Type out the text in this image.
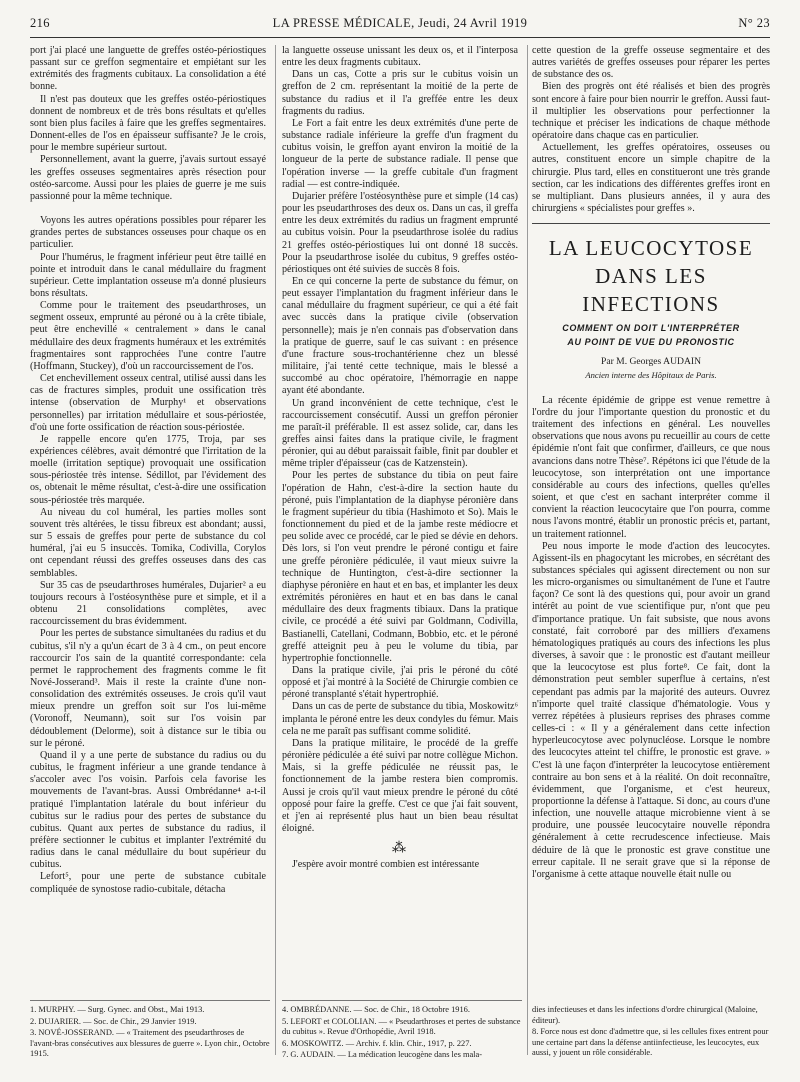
216	LA PRESSE MÉDICALE, Jeudi, 24 Avril 1919	N° 23

port j'ai placé une languette de greffes ostéo-périostiques passant sur ce greffon segmentaire et empiétant sur les extrémités des fragments cubitaux. La consolidation a été bonne.

Il n'est pas douteux que les greffes ostéo-périostiques donnent de nombreux et de très bons résultats et qu'elles sont bien plus faciles à faire que les greffes segmentaires. Donnent-elles de l'os en épaisseur suffisante? Je le crois, pour le membre supérieur surtout.

Personnellement, avant la guerre, j'avais surtout essayé les greffes osseuses segmentaires après résection pour ostéo-sarcome. Aussi pour les plaies de guerre je me suis passionné pour la même technique.

Voyons les autres opérations possibles pour réparer les grandes pertes de substances osseuses pour chaque os en particulier.

Pour l'humérus, le fragment inférieur peut être taillé en pointe et introduit dans le canal médullaire du fragment supérieur. Cette implantation osseuse m'a donné plusieurs bons résultats.

Comme pour le traitement des pseudarthroses, un segment osseux, emprunté au péroné ou à la crête tibiale, peut être enchevillé « centralement » dans le canal médullaire des deux fragments huméraux et les extrémités fragmentaires sont rapprochées l'une contre l'autre (Hoffmann, Stuckey), d'où un raccourcissement de l'os.

Cet enchevillement osseux central, utilisé aussi dans les cas de fractures simples, produit une ossification très intense (observation de Murphy¹ et observations personnelles) par irritation médullaire et sous-périostée, d'où une forte ossification de réaction sous-périostée.

Je rappelle encore qu'en 1775, Troja, par ses expériences célèbres, avait démontré que l'irritation de la moelle (irritation septique) provoquait une ossification sous-périostée très intense. Sédillot, par l'évidement des os, obtenait le même résultat, c'est-à-dire une ossification sous-périostée très marquée.

Au niveau du col huméral, les parties molles sont souvent très altérées, le tissu fibreux est abondant; aussi, sur 5 essais de greffes pour perte de substance du col huméral, j'ai eu 5 insuccès. Tomika, Codivilla, Corylos ont cependant réussi des greffes osseuses dans des cas semblables.

Sur 35 cas de pseudarthroses humérales, Dujarier² a eu toujours recours à l'ostéosynthèse pure et simple, et il a obtenu 21 consolidations complètes, avec raccourcissement du bras évidemment.

Pour les pertes de substance simultanées du radius et du cubitus, s'il n'y a qu'un écart de 3 à 4 cm., on peut encore raccourcir l'os sain de la quantité correspondante: cela permet le rapprochement des fragments comme le fit Nové-Josserand³. Mais il reste la crainte d'une non-consolidation des extrémités osseuses. Je crois qu'il vaut mieux prendre un greffon soit sur l'os lui-même (Voronoff, Neumann), soit sur l'os voisin par dédoublement (Delorme), soit à distance sur le tibia ou sur le péroné.

Quand il y a une perte de substance du radius ou du cubitus, le fragment inférieur a une grande tendance à s'accoler avec l'os voisin. Parfois cela favorise les mouvements de l'avant-bras. Aussi Ombrédanne⁴ a-t-il pratiqué l'implantation latérale du bout inférieur du cubitus sur le radius pour des pertes de substance du cubitus. Quant aux pertes de substance du radius, il préfère sectionner le cubitus et implanter l'extrémité du radius dans le canal médullaire du bout supérieur du cubitus.

Lefort⁵, pour une perte de substance cubitale compliquée de synostose radio-cubitale, détacha

la languette osseuse unissant les deux os, et il l'interposa entre les deux fragments cubitaux.

Dans un cas, Cotte a pris sur le cubitus voisin un greffon de 2 cm. représentant la moitié de la perte de substance du radius et il l'a greffée entre les deux fragments du radius.

Le Fort a fait entre les deux extrémités d'une perte de substance radiale inférieure la greffe d'un fragment du cubitus voisin, le greffon ayant environ la moitié de la longueur de la perte de substance radiale. Il pense que l'opération inverse — la greffe cubitale d'un fragment radial — est contre-indiquée.

Dujarier préfère l'ostéosynthèse pure et simple (14 cas) pour les pseudarthroses des deux os. Dans un cas, il greffa entre les deux extrémités du radius un fragment emprunté au cubitus voisin. Pour la pseudarthrose isolée du radius 21 greffes ostéo-périostiques lui ont donné 18 succès. Pour la pseudarthrose isolée du cubitus, 9 greffes ostéo-périostiques ont été suivies de succès 8 fois.

En ce qui concerne la perte de substance du fémur, on peut essayer l'implantation du fragment inférieur dans le canal médullaire du fragment supérieur, ce qui a été fait avec succès dans la pratique civile (observation personnelle); mais je n'en connais pas d'observation dans la pratique de guerre, sauf le cas suivant : en présence d'une fracture sous-trochantérienne chez un blessé militaire, j'ai tenté cette technique, mais le blessé a succombé au choc opératoire, l'hémorragie en nappe ayant été abondante.

Un grand inconvénient de cette technique, c'est le raccourcissement consécutif. Aussi un greffon péronier me paraît-il préférable. Il est assez solide, car, dans les greffes ainsi faites dans la pratique civile, le fragment péronier, qui au début paraissait faible, finit par doubler et même tripler d'épaisseur (cas de Katzenstein).

Pour les pertes de substance du tibia on peut faire l'opération de Hahn, c'est-à-dire la section haute du péroné, puis l'implantation de la diaphyse péronière dans le fragment supérieur du tibia (Hashimoto et So). Mais le fonctionnement du pied et de la jambe reste médiocre et peu solide avec ce procédé, car le pied se dévie en dehors. Dès lors, si l'on veut prendre le péroné contigu et faire une greffe péronière pédiculée, il vaut mieux suivre la technique de Huntington, c'est-à-dire sectionner la diaphyse péronière en haut et en bas, et implanter les deux extrémités péronières en haut et en bas dans le canal médullaire des deux fragments tibiaux. Dans la pratique civile, ce procédé a été suivi par Goldmann, Codivilla, Bastianelli, Catellani, Codmann, Bobbio, etc. et le péroné greffé atteignit peu à peu le volume du tibia, par hypertrophie fonctionnelle.

Dans la pratique civile, j'ai pris le péroné du côté opposé et j'ai montré à la Société de Chirurgie combien ce péroné transplanté s'était hypertrophié.

Dans un cas de perte de substance du tibia, Moskowitz⁶ implanta le péroné entre les deux condyles du fémur. Mais cela ne me paraît pas suffisant comme solidité.

Dans la pratique militaire, le procédé de la greffe péronière pédiculée a été suivi par notre collègue Michon. Mais, si la greffe pédiculée ne réussit pas, le fonctionnement de la jambe restera bien compromis. Aussi je crois qu'il vaut mieux prendre le péroné du côté opposé pour faire la greffe. C'est ce que j'ai fait souvent, et j'en ai représenté plus haut un bien beau résultat éloigné.

⁂

J'espère avoir montré combien est intéressante

cette question de la greffe osseuse segmentaire et des autres variétés de greffes osseuses pour réparer les pertes de substance des os.

Bien des progrès ont été réalisés et bien des progrès sont encore à faire pour bien nourrir le greffon. Aussi faut-il multiplier les observations pour perfectionner la technique et préciser les indications de chaque méthode opératoire dans chaque cas en particulier.

Actuellement, les greffes opératoires, osseuses ou autres, constituent encore un simple chapitre de la chirurgie. Plus tard, elles en constitueront une très grande section, car les indications des différentes greffes iront en se multipliant. Dans plusieurs années, il y aura des chirurgiens « spécialistes pour greffes ».

LA LEUCOCYTOSE
DANS LES INFECTIONS
COMMENT ON DOIT L'INTERPRÉTER
AU POINT DE VUE DU PRONOSTIC
Par M. Georges AUDAIN
Ancien interne des Hôpitaux de Paris.

La récente épidémie de grippe est venue remettre à l'ordre du jour l'importante question du pronostic et du traitement des infections en général. Les nouvelles observations que nous avons pu recueillir au cours de cette épidémie n'ont fait que confirmer, d'ailleurs, ce que nous avancions dans notre Thèse⁷. Répétons ici que l'étude de la leucocytose, son interprétation ont une importance considérable au cours des infections, quelles qu'elles soient, et que c'est en sachant interpréter comme il convient la réaction leucocytaire que l'on pourra, comme nous l'avons montré, établir un pronostic précis et, partant, un traitement rationnel.

Peu nous importe le mode d'action des leucocytes. Agissent-ils en phagocytant les microbes, en sécrétant des substances spéciales qui agissent directement ou non sur les micro-organismes ou simultanément de l'une et l'autre façon? Ce sont là des questions qui, pour avoir un grand intérêt au point de vue scientifique pur, n'ont que peu d'importance pratique. Un fait subsiste, que nous avons constaté, fait corroboré par des milliers d'examens hématologiques pratiqués au cours des infections les plus diverses, à savoir que : le pronostic est d'autant meilleur que la leucocytose est plus forte⁸. Ce fait, dont la démonstration peut sembler superflue à certains, n'est cependant pas admis par la majorité des auteurs. Ouvrez n'importe quel traité classique d'hématologie. Vous y verrez répétées à plusieurs reprises des phrases comme celles-ci : « Il y a généralement dans cette infection hyperleucocytose avec polynucléose. Lorsque le nombre des leucocytes atteint tel chiffre, le pronostic est grave. » C'est là une façon d'interpréter la leucocytose entièrement contraire au bon sens et à la réalité. On doit reconnaître, évidemment, que l'organisme, et c'est heureux, proportionne la défense à l'attaque. Si donc, au cours d'une infection, une nouvelle attaque microbienne vient à se produire, une poussée leucocytaire nouvelle répondra généralement à cette recrudescence infectieuse. Mais déduire de là que le pronostic est grave constitue une erreur capitale. Il ne serait grave que si la réponse de l'organisme à cette attaque nouvelle était nulle ou

1. MURPHY. — Surg. Gynec. and Obst., Mai 1913.
2. DUJARIER. — Soc. de Chir., 29 Janvier 1919.
3. NOVÉ-JOSSERAND. — « Traitement des pseudarthroses de l'avant-bras consécutives aux blessures de guerre ». Lyon chir., Octobre 1915.
4. OMBRÉDANNE. — Soc. de Chir., 18 Octobre 1916.
5. LEFORT et COLOLIAN. — « Pseudarthroses et pertes de substance du cubitus ». Revue d'Orthopédie, Avril 1918.
6. MOSKOWITZ. — Archiv. f. klin. Chir., 1917, p. 227.
7. G. AUDAIN. — La médication leucogène dans les mala-
dies infectieuses et dans les infections d'ordre chirurgical (Maloine, éditeur).
8. Force nous est donc d'admettre que, si les cellules fixes entrent pour une certaine part dans la défense antiinfectieuse, les leucocytes, eux aussi, y jouent un rôle considérable.
